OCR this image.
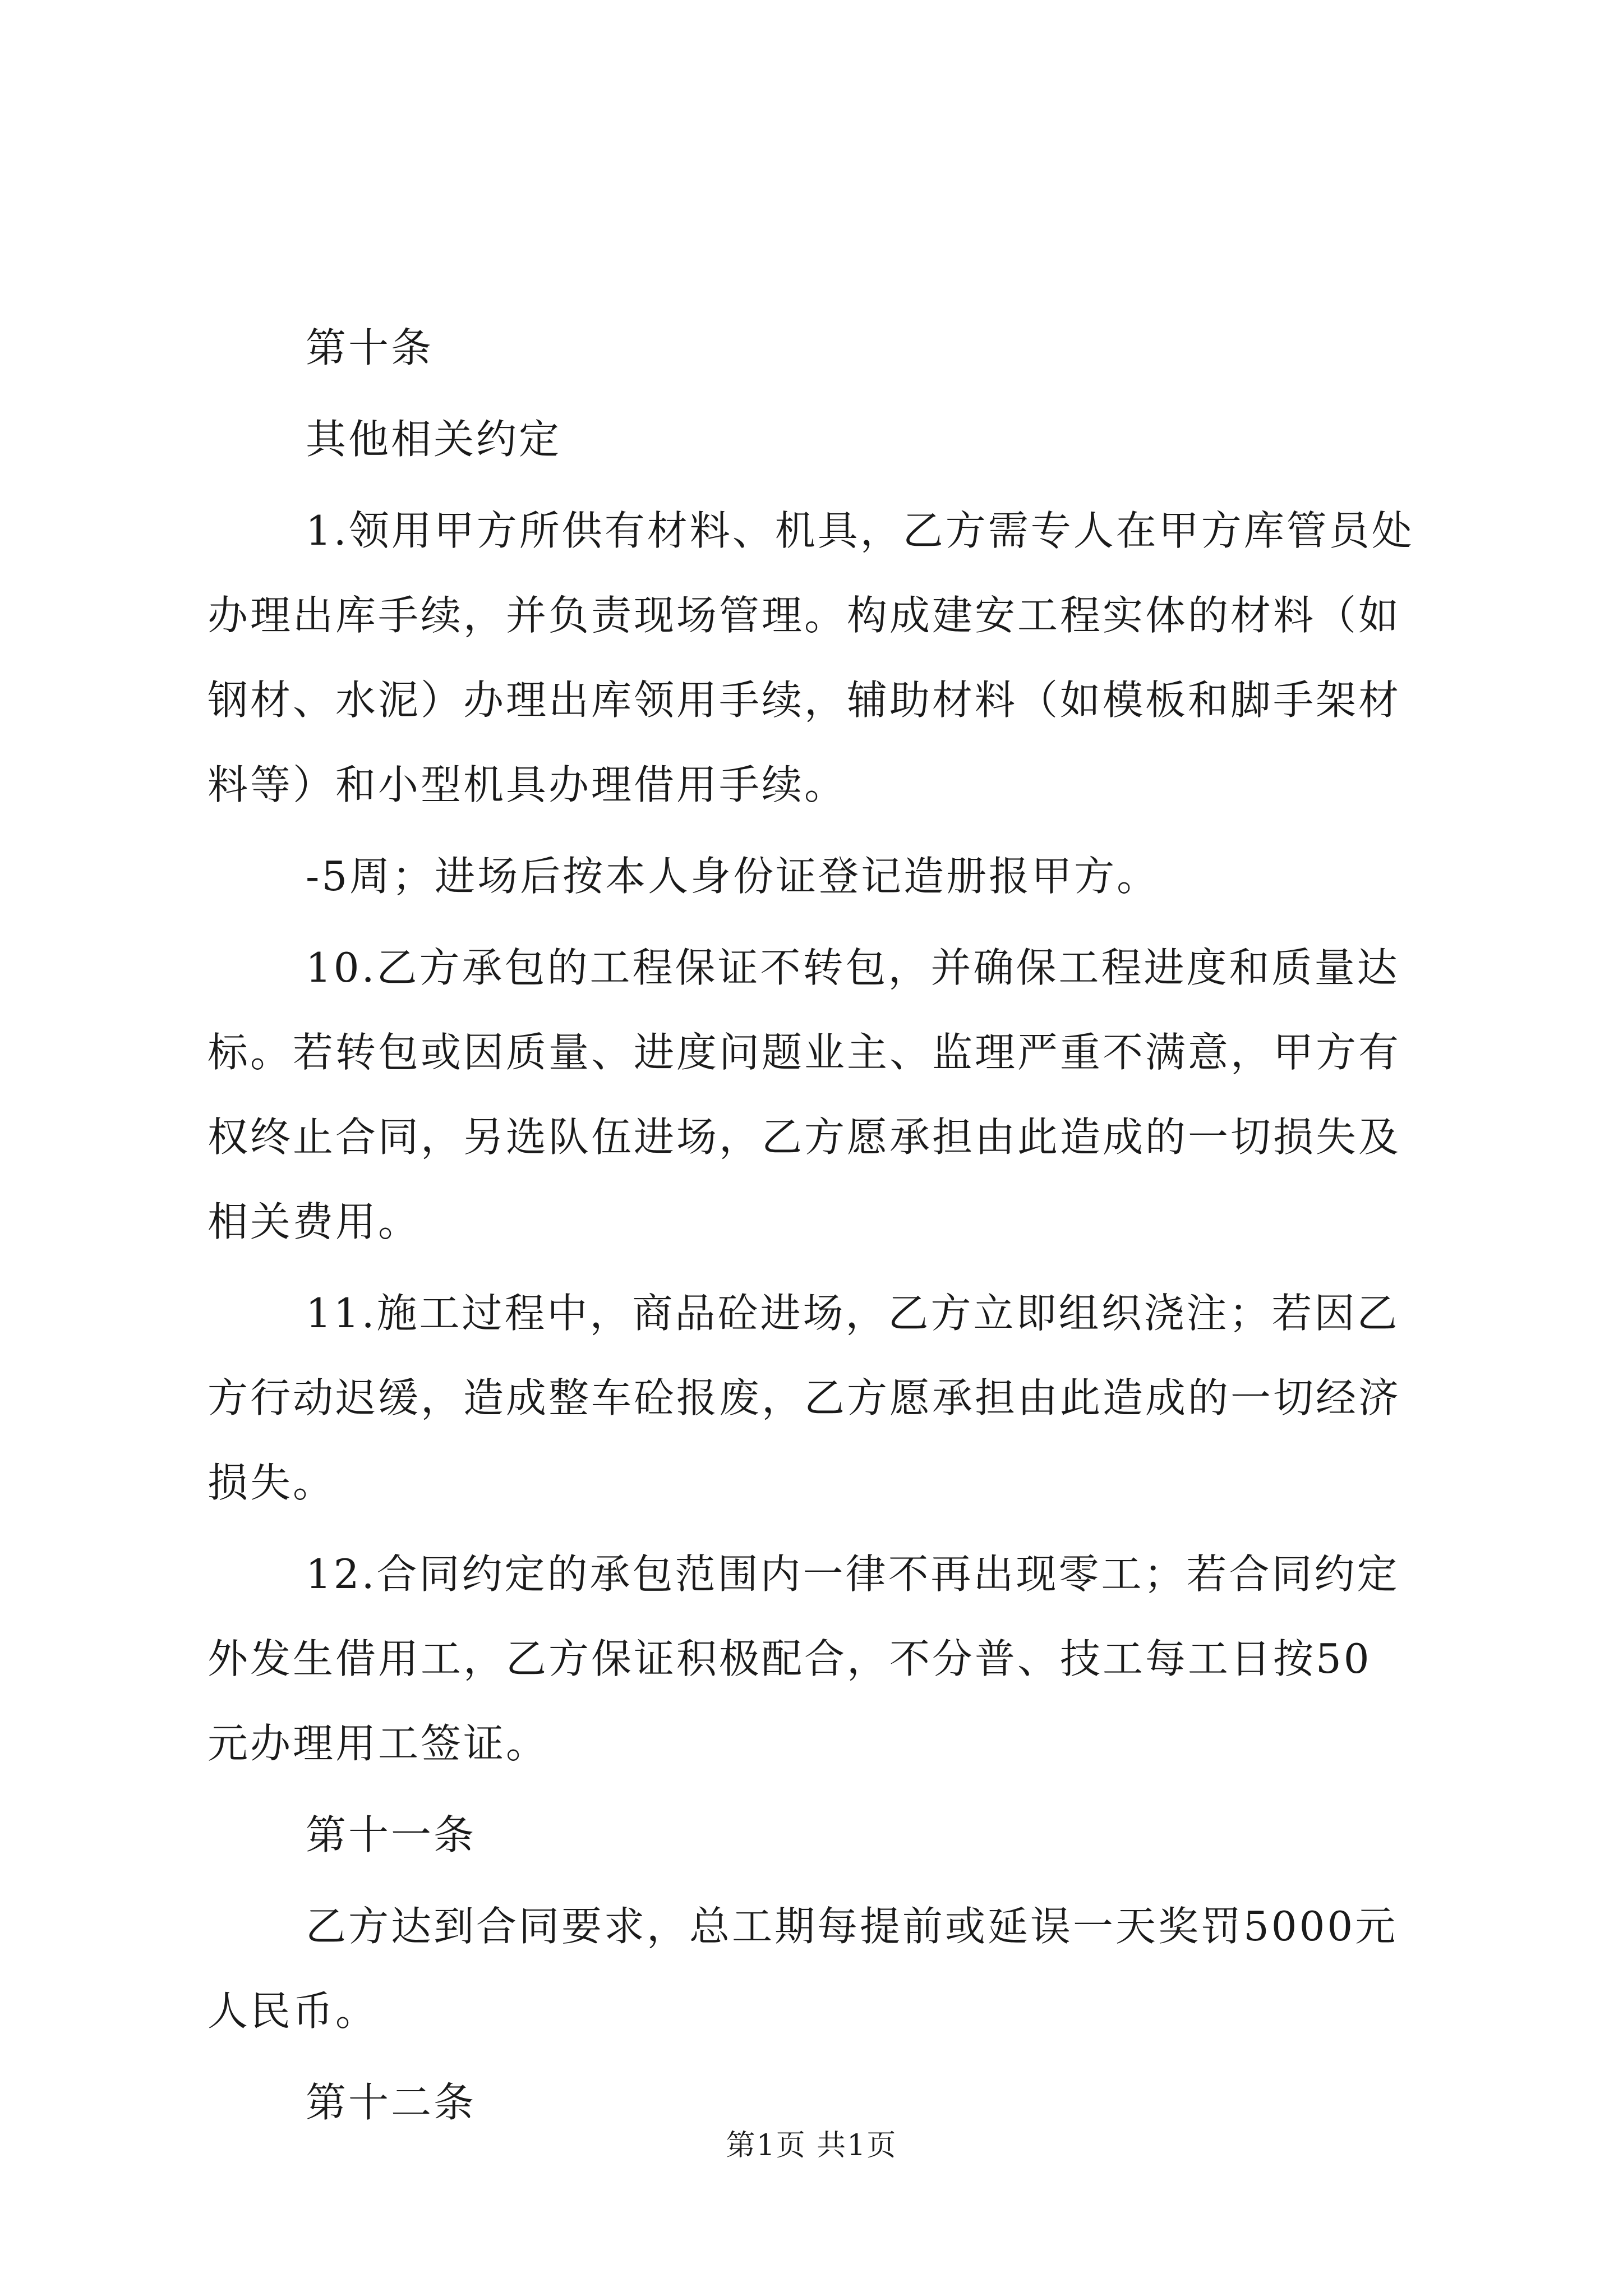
第十条
其他相关约定
1.领用甲方所供有材料、机具，乙方需专人在甲方库管员处
办理出库手续，并负责现场管理。构成建安工程实体的材料（如
钢材、水泥）办理出库领用手续，辅助材料（如模板和脚手架材
料等）和小型机具办理借用手续。
-5周；进场后按本人身份证登记造册报甲方。
10.乙方承包的工程保证不转包，并确保工程进度和质量达
标。若转包或因质量、进度问题业主、监理严重不满意，甲方有
权终止合同，另选队伍进场，乙方愿承担由此造成的一切损失及
相关费用。
11.施工过程中，商品砼进场，乙方立即组织浇注；若因乙
方行动迟缓，造成整车砼报废，乙方愿承担由此造成的一切经济
损失。
12.合同约定的承包范围内一律不再出现零工；若合同约定
外发生借用工，乙方保证积极配合，不分普、技工每工日按50
元办理用工签证。
第十一条
乙方达到合同要求，总工期每提前或延误一天奖罚5000元
人民币。
第十二条
第1页 共1页
